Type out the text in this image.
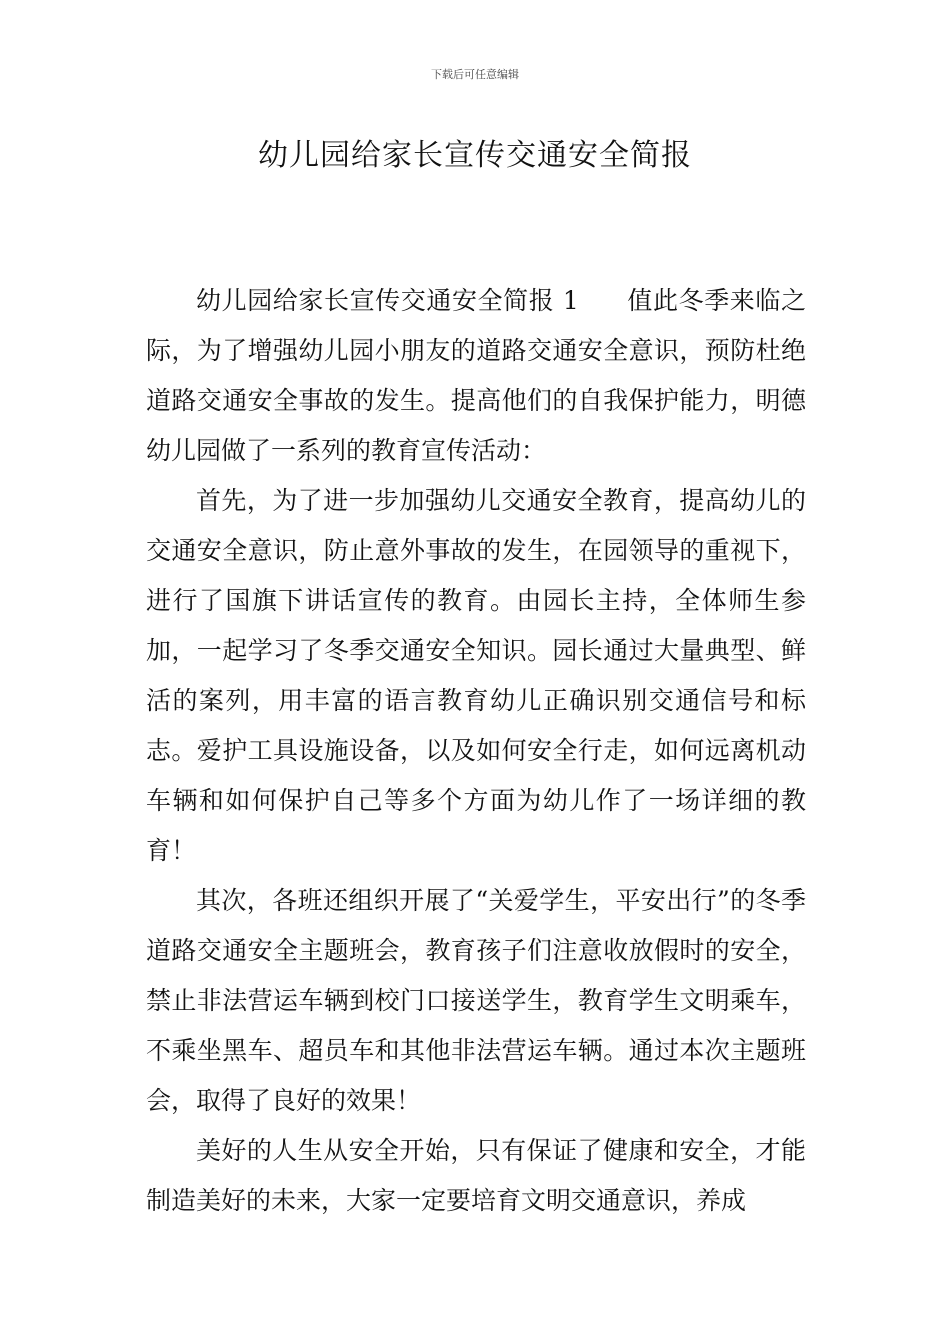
下载后可任意编辑
幼儿园给家长宣传交通安全简报

幼儿园给家长宣传交通安全简报 1 值此冬季来临之际，为了增强幼儿园小朋友的道路交通安全意识，预防杜绝道路交通安全事故的发生。提高他们的自我保护能力，明德幼儿园做了一系列的教育宣传活动：

首先，为了进一步加强幼儿交通安全教育，提高幼儿的交通安全意识，防止意外事故的发生，在园领导的重视下，进行了国旗下讲话宣传的教育。由园长主持，全体师生参加，一起学习了冬季交通安全知识。园长通过大量典型、鲜活的案列，用丰富的语言教育幼儿正确识别交通信号和标志。爱护工具设施设备，以及如何安全行走，如何远离机动车辆和如何保护自己等多个方面为幼儿作了一场详细的教育！

其次，各班还组织开展了“关爱学生，平安出行”的冬季道路交通安全主题班会，教育孩子们注意收放假时的安全，禁止非法营运车辆到校门口接送学生，教育学生文明乘车，不乘坐黑车、超员车和其他非法营运车辆。通过本次主题班会，取得了良好的效果！

美好的人生从安全开始，只有保证了健康和安全，才能制造美好的未来，大家一定要培育文明交通意识，养成
